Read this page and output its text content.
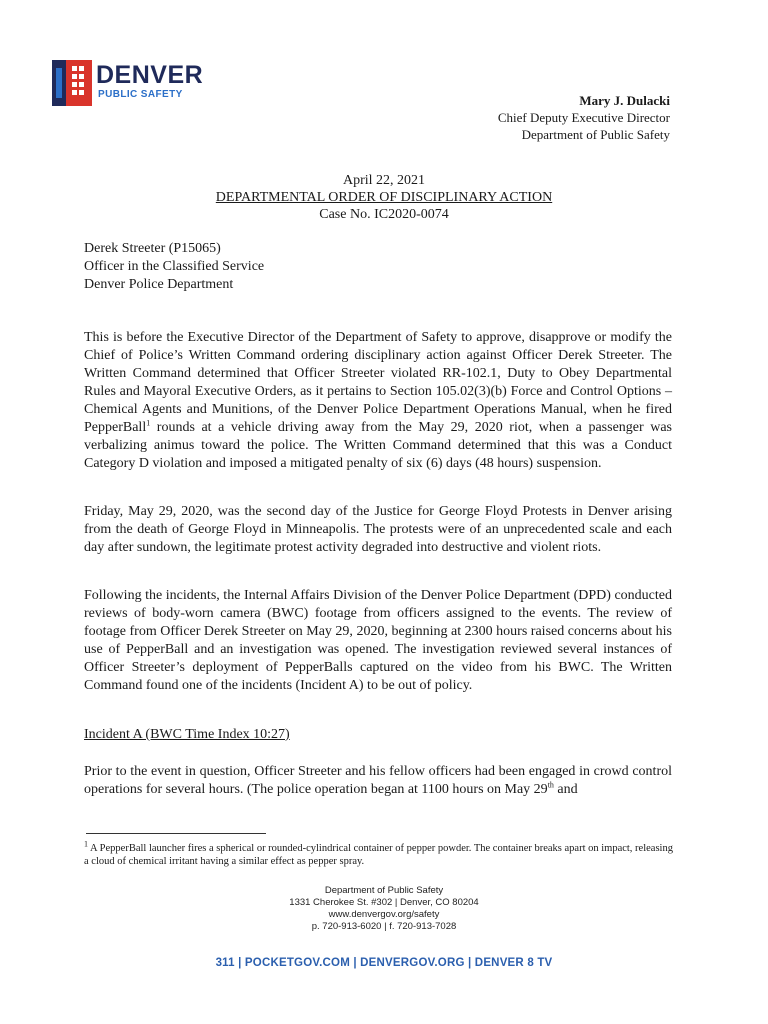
DENVER
PUBLIC SAFETY	Mary J. Dulacki
Chief Deputy Executive Director
Department of Public Safety
April 22, 2021
DEPARTMENTAL ORDER OF DISCIPLINARY ACTION
Case No. IC2020-0074
Derek Streeter (P15065)
Officer in the Classified Service
Denver Police Department

This is before the Executive Director of the Department of Safety to approve, disapprove or modify the Chief of Police’s Written Command ordering disciplinary action against Officer Derek Streeter. The Written Command determined that Officer Streeter violated RR-102.1, Duty to Obey Departmental Rules and Mayoral Executive Orders, as it pertains to Section 105.02(3)(b) Force and Control Options – Chemical Agents and Munitions, of the Denver Police Department Operations Manual, when he fired PepperBall$^1$ rounds at a vehicle driving away from the May 29, 2020 riot, when a passenger was verbalizing animus toward the police. The Written Command determined that this was a Conduct Category D violation and imposed a mitigated penalty of six (6) days (48 hours) suspension.

Friday, May 29, 2020, was the second day of the Justice for George Floyd Protests in Denver arising from the death of George Floyd in Minneapolis. The protests were of an unprecedented scale and each day after sundown, the legitimate protest activity degraded into destructive and violent riots.

Following the incidents, the Internal Affairs Division of the Denver Police Department (DPD) conducted reviews of body-worn camera (BWC) footage from officers assigned to the events. The review of footage from Officer Derek Streeter on May 29, 2020, beginning at 2300 hours raised concerns about his use of PepperBall and an investigation was opened. The investigation reviewed several instances of Officer Streeter’s deployment of PepperBalls captured on the video from his BWC. The Written Command found one of the incidents (Incident A) to be out of policy.

Incident A (BWC Time Index 10:27)

Prior to the event in question, Officer Streeter and his fellow officers had been engaged in crowd control operations for several hours. (The police operation began at 1100 hours on May 29th and

$^1$ A PepperBall launcher fires a spherical or rounded-cylindrical container of pepper powder. The container breaks apart on impact, releasing a cloud of chemical irritant having a similar effect as pepper spray.

Department of Public Safety
1331 Cherokee St. #302 | Denver, CO 80204
www.denvergov.org/safety
p. 720-913-6020 | f. 720-913-7028
311 | POCKETGOV.COM | DENVERGOV.ORG | DENVER 8 TV
